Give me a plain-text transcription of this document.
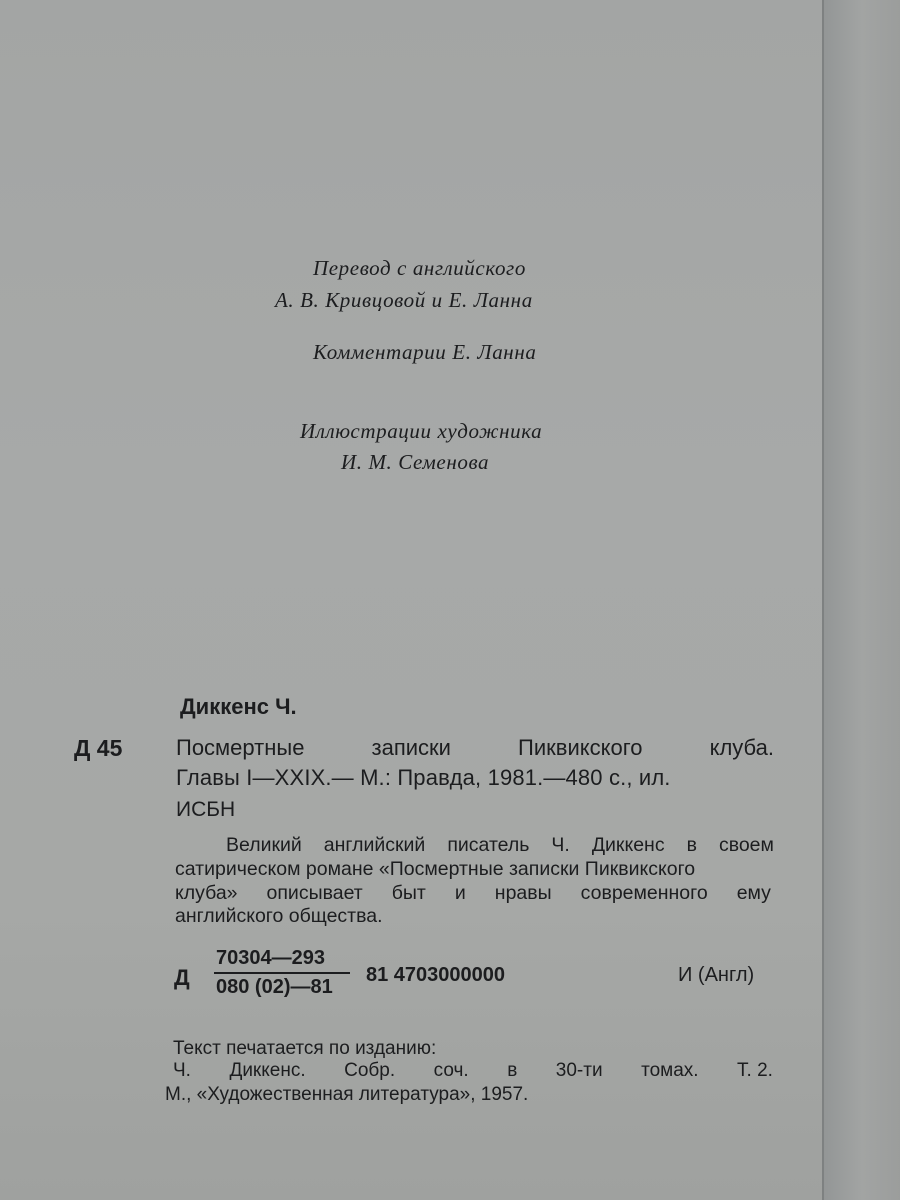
Перевод с английского
А. В. Кривцовой и Е. Ланна
Комментарии Е. Ланна
Иллюстрации художника
И. М. Семенова
Диккенс Ч.
Д 45 Посмертные	записки	Пиквикского	клуба.
Главы I—XXIX.— М.: Правда, 1981.—480 с., ил.
ИСБН
Великий английский писатель Ч. Диккенс в своем
сатирическом романе «Посмертные записки Пиквикского
клуба» описывает быт и нравы современного ему
английского общества.
Д
70304—293
080 (02)—81
81 4703000000	И (Англ)
Текст печатается по изданию:
Ч. Диккенс. Собр. соч. в 30-ти томах. Т. 2.
М., «Художественная литература», 1957.
